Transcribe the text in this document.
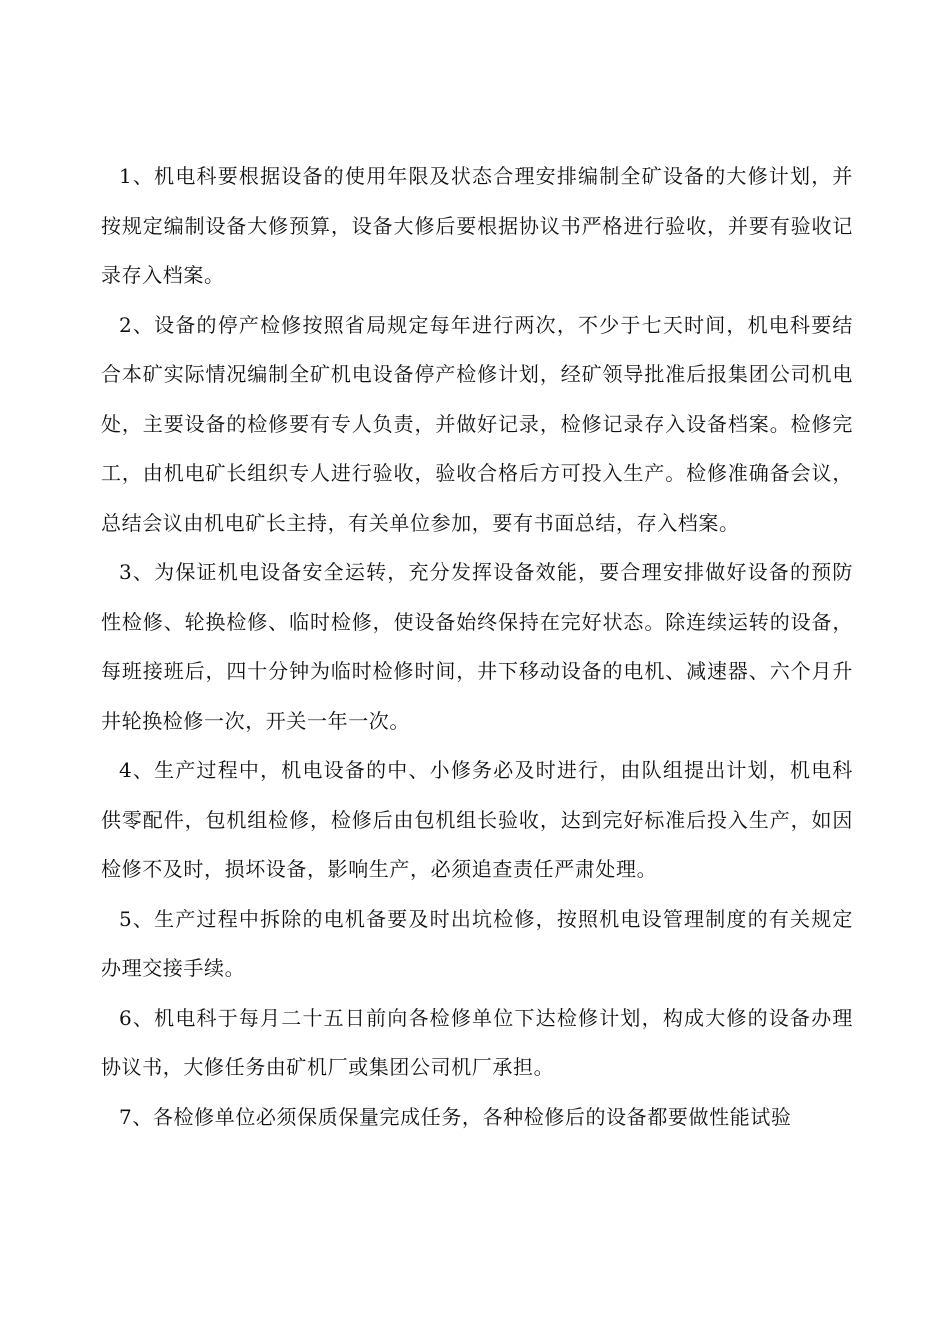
1、机电科要根据设备的使用年限及状态合理安排编制全矿设备的大修计划，并按规定编制设备大修预算，设备大修后要根据协议书严格进行验收，并要有验收记录存入档案。

2、设备的停产检修按照省局规定每年进行两次，不少于七天时间，机电科要结合本矿实际情况编制全矿机电设备停产检修计划，经矿领导批准后报集团公司机电处，主要设备的检修要有专人负责，并做好记录，检修记录存入设备档案。检修完工，由机电矿长组织专人进行验收，验收合格后方可投入生产。检修准确备会议，总结会议由机电矿长主持，有关单位参加，要有书面总结，存入档案。

3、为保证机电设备安全运转，充分发挥设备效能，要合理安排做好设备的预防性检修、轮换检修、临时检修，使设备始终保持在完好状态。除连续运转的设备，每班接班后，四十分钟为临时检修时间，井下移动设备的电机、减速器、六个月升井轮换检修一次，开关一年一次。

4、生产过程中，机电设备的中、小修务必及时进行，由队组提出计划，机电科供零配件，包机组检修，检修后由包机组长验收，达到完好标准后投入生产，如因检修不及时，损坏设备，影响生产，必须追查责任严肃处理。

5、生产过程中拆除的电机备要及时出坑检修，按照机电设管理制度的有关规定办理交接手续。

6、机电科于每月二十五日前向各检修单位下达检修计划，构成大修的设备办理协议书，大修任务由矿机厂或集团公司机厂承担。

7、各检修单位必须保质保量完成任务，各种检修后的设备都要做性能试验
